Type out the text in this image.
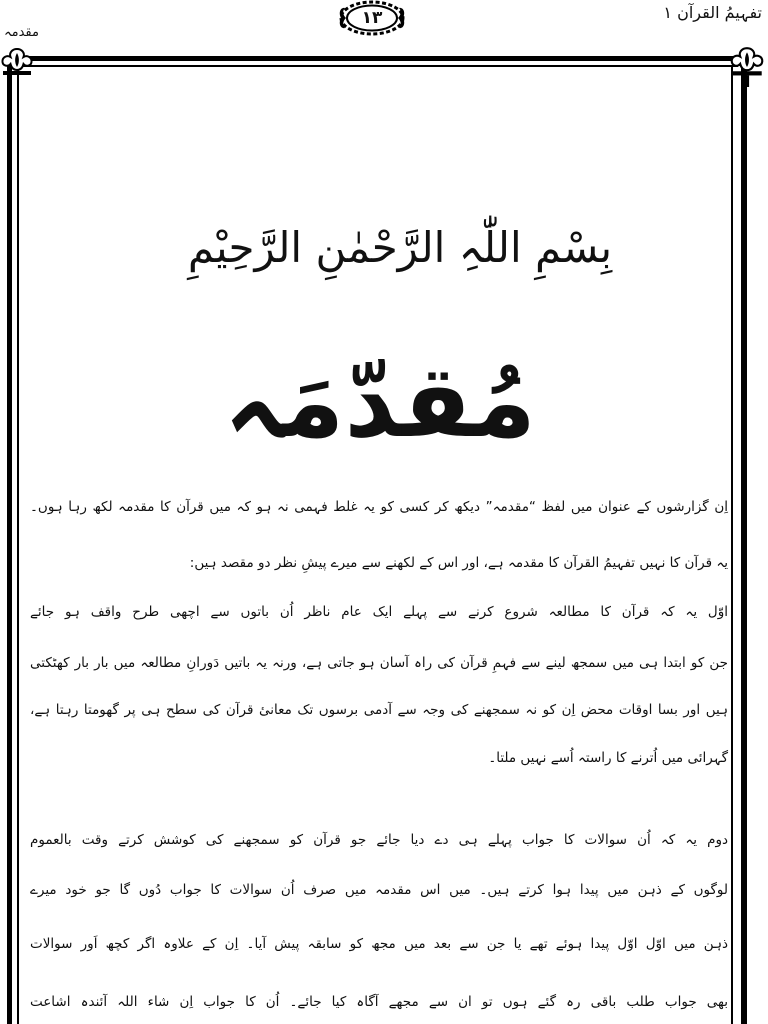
تفہیمُ القرآن ۱
مقدمہ
۱۳
بِسْمِ اللّٰہِ الرَّحْمٰنِ الرَّحِیْمِ
مُقدّمَہ
اِن گزارشوں کے عنوان میں لفظ “مقدمہ” دیکھ کر کسی کو یہ غلط فہمی نہ ہو کہ میں قرآن کا مقدمہ لکھ رہا ہوں۔
یہ قرآن کا نہیں تفہیمُ القرآن کا مقدمہ ہے، اور اس کے لکھنے سے میرے پیشِ نظر دو مقصد ہیں:
اوّل یہ کہ قرآن کا مطالعہ شروع کرنے سے پہلے ایک عام ناظر اُن باتوں سے اچھی طرح واقف ہو جائے
جن کو ابتدا ہی میں سمجھ لینے سے فہمِ قرآن کی راہ آسان ہو جاتی ہے، ورنہ یہ باتیں دَورانِ مطالعہ میں بار بار کھٹکتی
ہیں اور بسا اوقات محض اِن کو نہ سمجھنے کی وجہ سے آدمی برسوں تک معانیٔ قرآن کی سطح ہی پر گھومتا رہتا ہے،
گہرائی میں اُترنے کا راستہ اُسے نہیں ملتا۔
دوم یہ کہ اُن سوالات کا جواب پہلے ہی دے دیا جائے جو قرآن کو سمجھنے کی کوشش کرتے وقت بالعموم
لوگوں کے ذہن میں پیدا ہوا کرتے ہیں۔ میں اس مقدمہ میں صرف اُن سوالات کا جواب دُوں گا جو خود میرے
ذہن میں اوّل اوّل پیدا ہوئے تھے یا جن سے بعد میں مجھ کو سابقہ پیش آیا۔ اِن کے علاوہ اگر کچھ اَور سوالات
بھی جواب طلب باقی رہ گئے ہوں تو ان سے مجھے آگاہ کیا جائے۔ اُن کا جواب اِن شاء اللہ آئندہ اشاعت
